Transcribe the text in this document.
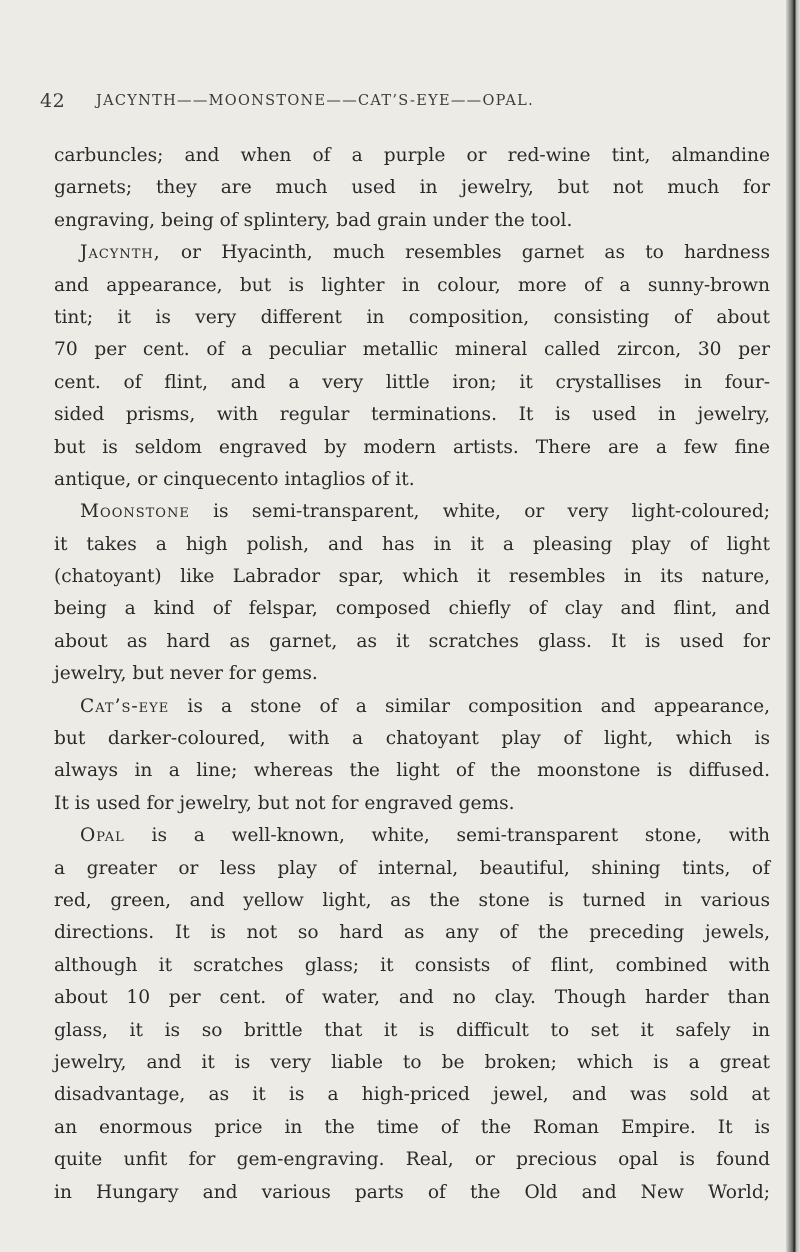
42 JACYNTH——MOONSTONE——CAT’S-EYE——OPAL.
carbuncles; and when of a purple or red-wine tint, almandine
garnets; they are much used in jewelry, but not much for
engraving, being of splintery, bad grain under the tool.
Jacynth, or Hyacinth, much resembles garnet as to hardness
and appearance, but is lighter in colour, more of a sunny-brown
tint; it is very different in composition, consisting of about
70 per cent. of a peculiar metallic mineral called zircon, 30 per
cent. of flint, and a very little iron; it crystallises in four-
sided prisms, with regular terminations. It is used in jewelry,
but is seldom engraved by modern artists. There are a few fine
antique, or cinquecento intaglios of it.
Moonstone is semi-transparent, white, or very light-coloured;
it takes a high polish, and has in it a pleasing play of light
(chatoyant) like Labrador spar, which it resembles in its nature,
being a kind of felspar, composed chiefly of clay and flint, and
about as hard as garnet, as it scratches glass. It is used for
jewelry, but never for gems.
Cat’s-eye is a stone of a similar composition and appearance,
but darker-coloured, with a chatoyant play of light, which is
always in a line; whereas the light of the moonstone is diffused.
It is used for jewelry, but not for engraved gems.
Opal is a well-known, white, semi-transparent stone, with
a greater or less play of internal, beautiful, shining tints, of
red, green, and yellow light, as the stone is turned in various
directions. It is not so hard as any of the preceding jewels,
although it scratches glass; it consists of flint, combined with
about 10 per cent. of water, and no clay. Though harder than
glass, it is so brittle that it is difficult to set it safely in
jewelry, and it is very liable to be broken; which is a great
disadvantage, as it is a high-priced jewel, and was sold at
an enormous price in the time of the Roman Empire. It is
quite unfit for gem-engraving. Real, or precious opal is found
in Hungary and various parts of the Old and New World;
